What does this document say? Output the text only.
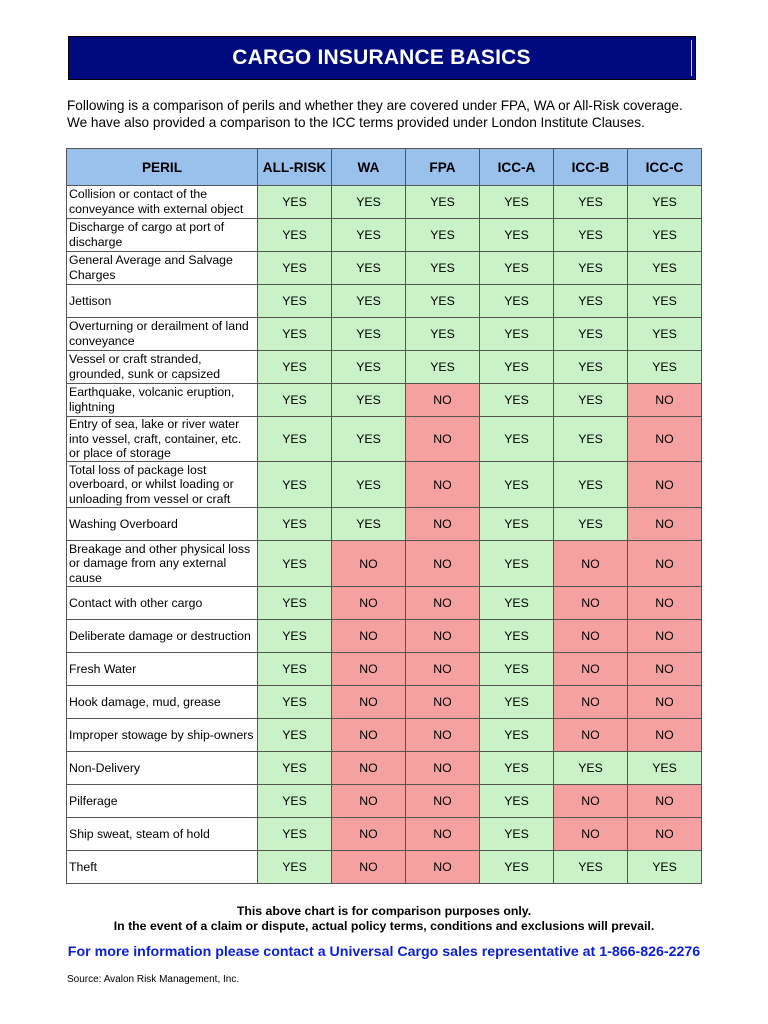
CARGO INSURANCE BASICS
Following is a comparison of perils and whether they are covered under FPA, WA or All-Risk coverage.
We have also provided a comparison to the ICC terms provided under London Institute Clauses.
PERIL	ALL-RISK	WA	FPA	ICC-A	ICC-B	ICC-C
Collision or contact of the conveyance with external object	YES	YES	YES	YES	YES	YES
Discharge of cargo at port of discharge	YES	YES	YES	YES	YES	YES
General Average and Salvage Charges	YES	YES	YES	YES	YES	YES
Jettison	YES	YES	YES	YES	YES	YES
Overturning or derailment of land conveyance	YES	YES	YES	YES	YES	YES
Vessel or craft stranded, grounded, sunk or capsized	YES	YES	YES	YES	YES	YES
Earthquake, volcanic eruption, lightning	YES	YES	NO	YES	YES	NO
Entry of sea, lake or river water into vessel, craft, container, etc. or place of storage	YES	YES	NO	YES	YES	NO
Total loss of package lost overboard, or whilst loading or unloading from vessel or craft	YES	YES	NO	YES	YES	NO
Washing Overboard	YES	YES	NO	YES	YES	NO
Breakage and other physical loss or damage from any external cause	YES	NO	NO	YES	NO	NO
Contact with other cargo	YES	NO	NO	YES	NO	NO
Deliberate damage or destruction	YES	NO	NO	YES	NO	NO
Fresh Water	YES	NO	NO	YES	NO	NO
Hook damage, mud, grease	YES	NO	NO	YES	NO	NO
Improper stowage by ship-owners	YES	NO	NO	YES	NO	NO
Non-Delivery	YES	NO	NO	YES	YES	YES
Pilferage	YES	NO	NO	YES	NO	NO
Ship sweat, steam of hold	YES	NO	NO	YES	NO	NO
Theft	YES	NO	NO	YES	YES	YES
This above chart is for comparison purposes only.
In the event of a claim or dispute, actual policy terms, conditions and exclusions will prevail.
For more information please contact a Universal Cargo sales representative at 1-866-826-2276
Source: Avalon Risk Management, Inc.
